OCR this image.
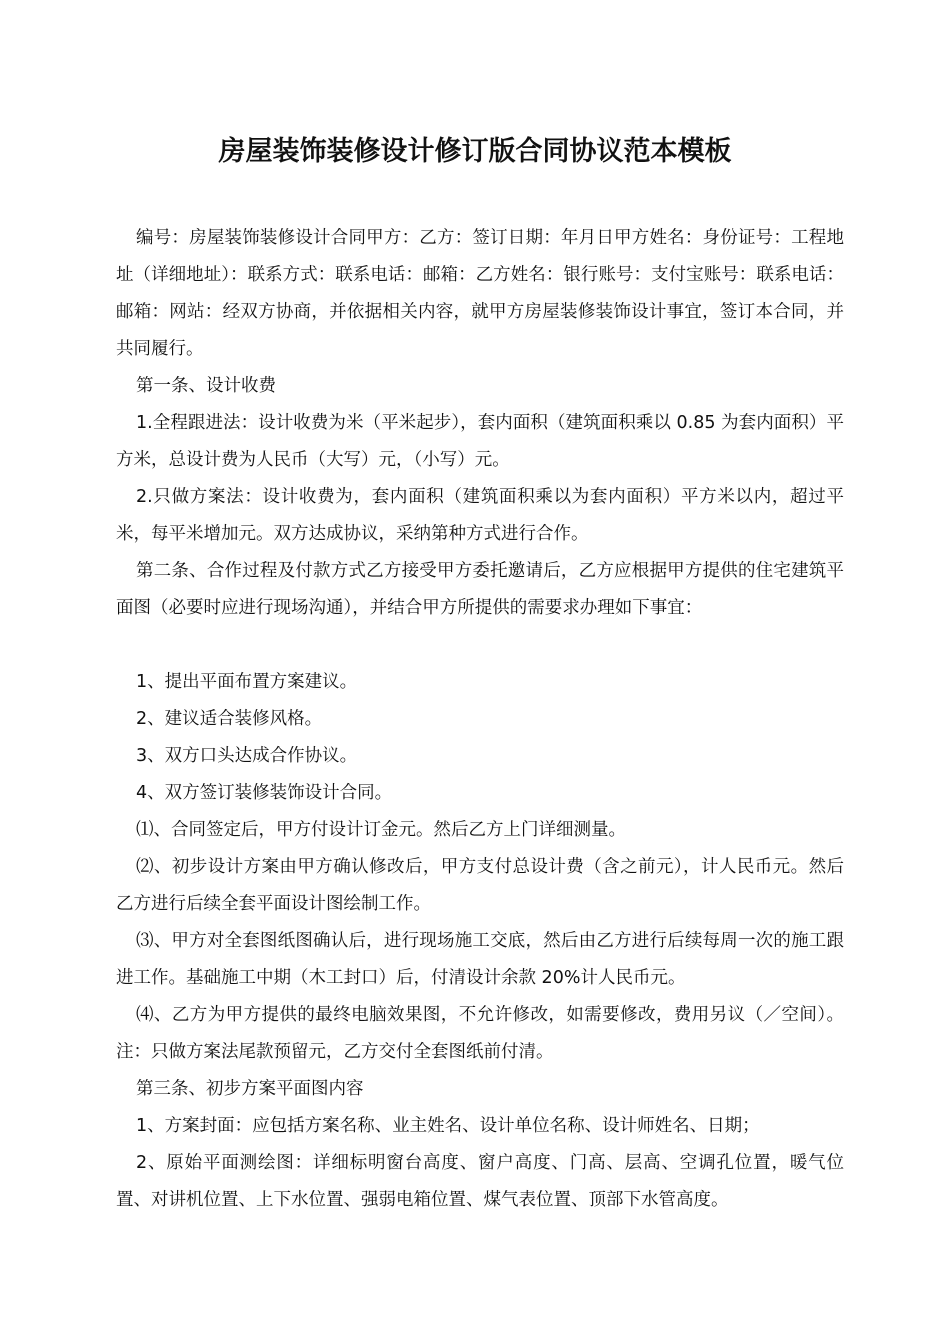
房屋装饰装修设计修订版合同协议范本模板

编号：房屋装饰装修设计合同甲方：乙方：签订日期：年月日甲方姓名：身份证号：工程地址（详细地址）：联系方式：联系电话：邮箱：乙方姓名：银行账号：支付宝账号：联系电话：邮箱：网站：经双方协商，并依据相关内容，就甲方房屋装修装饰设计事宜，签订本合同，并共同履行。

第一条、设计收费

1.全程跟进法：设计收费为米（平米起步），套内面积（建筑面积乘以 0.85 为套内面积）平方米，总设计费为人民币（大写）元，（小写）元。

2.只做方案法：设计收费为，套内面积（建筑面积乘以为套内面积）平方米以内，超过平米，每平米增加元。双方达成协议，采纳第种方式进行合作。

第二条、合作过程及付款方式乙方接受甲方委托邀请后，乙方应根据甲方提供的住宅建筑平面图（必要时应进行现场沟通），并结合甲方所提供的需要求办理如下事宜：

1、提出平面布置方案建议。

2、建议适合装修风格。

3、双方口头达成合作协议。

4、双方签订装修装饰设计合同。

⑴、合同签定后，甲方付设计订金元。然后乙方上门详细测量。

⑵、初步设计方案由甲方确认修改后，甲方支付总设计费（含之前元），计人民币元。然后乙方进行后续全套平面设计图绘制工作。

⑶、甲方对全套图纸图确认后，进行现场施工交底，然后由乙方进行后续每周一次的施工跟进工作。基础施工中期（木工封口）后，付清设计余款 20%计人民币元。

⑷、乙方为甲方提供的最终电脑效果图，不允许修改，如需要修改，费用另议（／空间）。注：只做方案法尾款预留元，乙方交付全套图纸前付清。

第三条、初步方案平面图内容

1、方案封面：应包括方案名称、业主姓名、设计单位名称、设计师姓名、日期；

2、原始平面测绘图：详细标明窗台高度、窗户高度、门高、层高、空调孔位置，暖气位置、对讲机位置、上下水位置、强弱电箱位置、煤气表位置、顶部下水管高度。
